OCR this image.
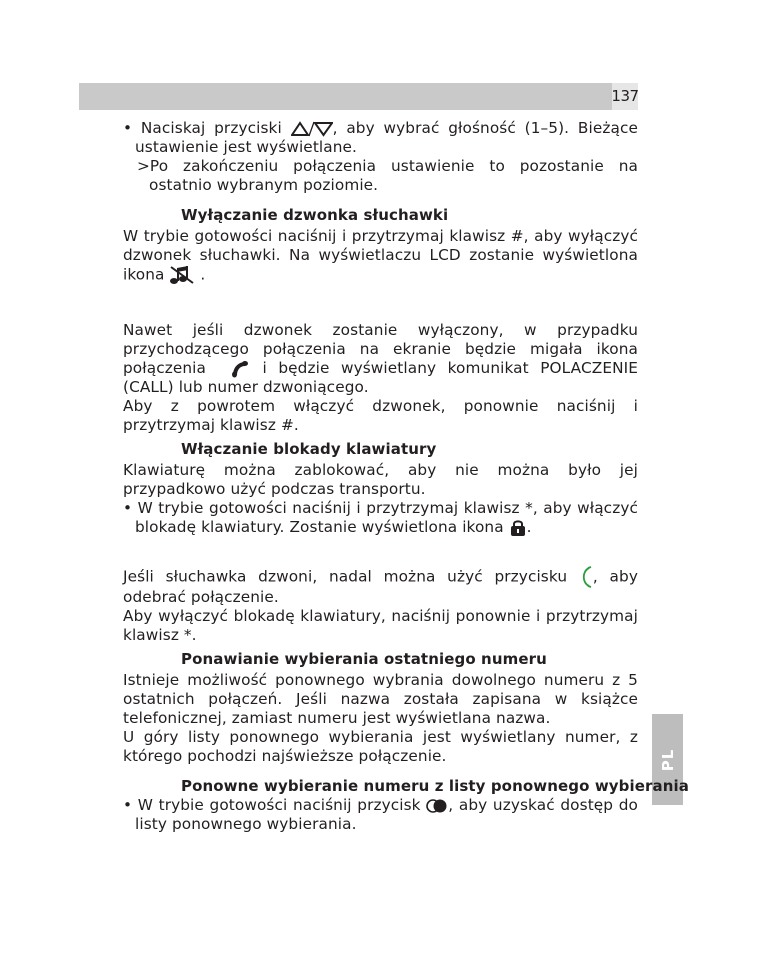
137
PL

• Naciskaj przyciski	, aby wybrać głośność (1–5). Bieżące ustawienie jest wyświetlane.

>Po zakończeniu połączenia ustawienie to pozostanie na ostatnio wybranym poziomie.

Wyłączanie dzwonka słuchawki

W trybie gotowości naciśnij i przytrzymaj klawisz #, aby wyłączyć dzwonek słuchawki. Na wyświetlaczu LCD zostanie wyświetlona ikona  .

Nawet jeśli dzwonek zostanie wyłączony, w przypadku przychodzącego połączenia na ekranie będzie migała ikona połączenia	i będzie wyświetlany komunikat POLACZENIE (CALL) lub numer dzwoniącego.

Aby z powrotem włączyć dzwonek, ponownie naciśnij i przytrzymaj klawisz #.

Włączanie blokady klawiatury

Klawiaturę można zablokować, aby nie można było jej przypadkowo użyć podczas transportu.

• W trybie gotowości naciśnij i przytrzymaj klawisz *, aby włączyć blokadę klawiatury. Zostanie wyświetlona ikona .

Jeśli słuchawka dzwoni, nadal można użyć przycisku , aby odebrać połączenie.

Aby wyłączyć blokadę klawiatury, naciśnij ponownie i przytrzymaj klawisz *.

Ponawianie wybierania ostatniego numeru

Istnieje możliwość ponownego wybrania dowolnego numeru z 5 ostatnich połączeń. Jeśli nazwa została zapisana w książce telefonicznej, zamiast numeru jest wyświetlana nazwa.

U góry listy ponownego wybierania jest wyświetlany numer, z którego pochodzi najświeższe połączenie.

Ponowne wybieranie numeru z listy ponownego wybierania

• W trybie gotowości naciśnij przycisk , aby uzyskać dostęp do listy ponownego wybierania.
